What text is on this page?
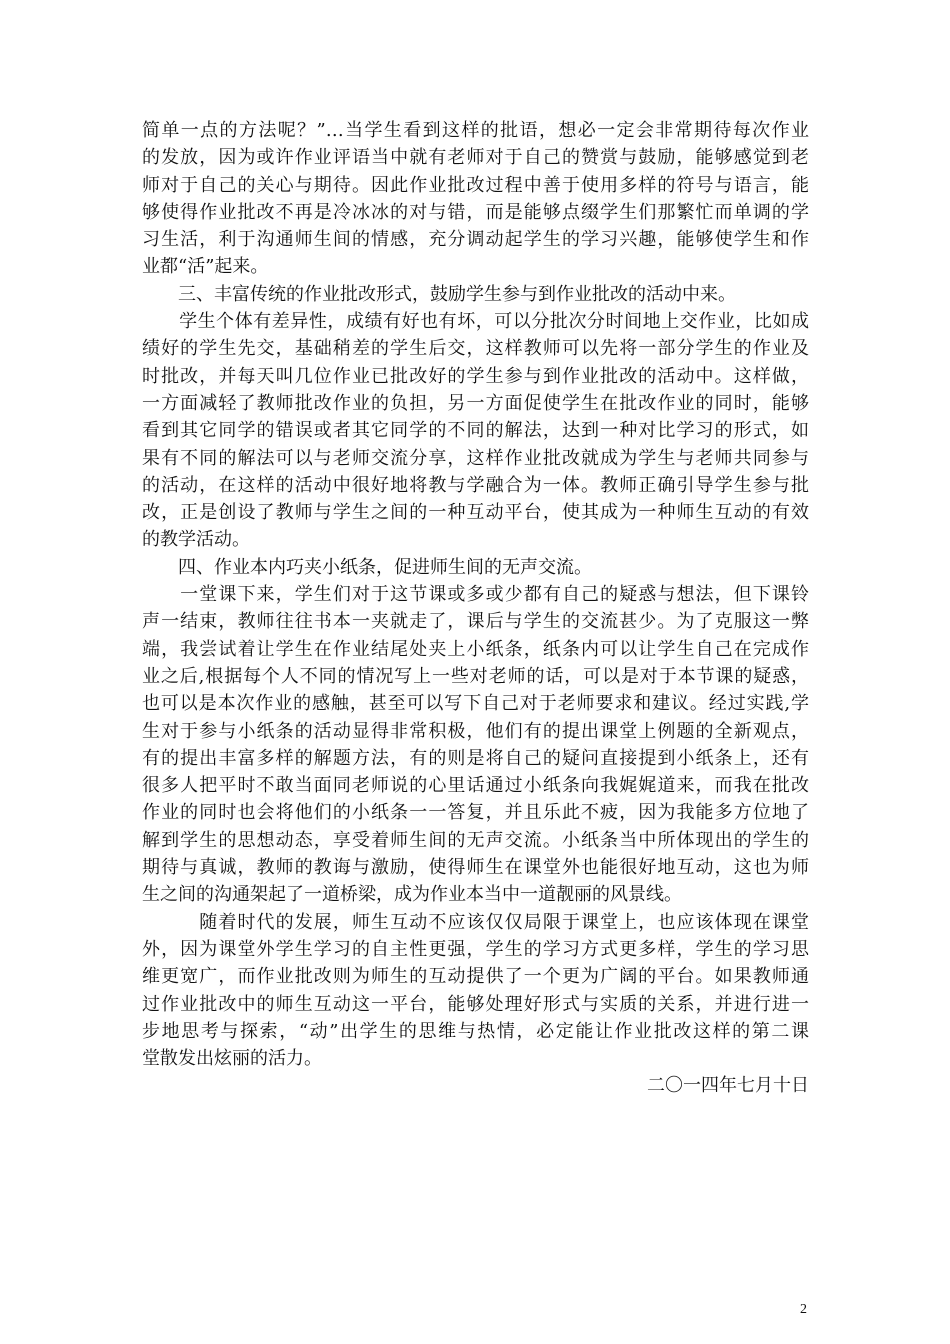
简单一点的方法呢？”…当学生看到这样的批语，想必一定会非常期待每次作业
的发放，因为或许作业评语当中就有老师对于自己的赞赏与鼓励，能够感觉到老
师对于自己的关心与期待。因此作业批改过程中善于使用多样的符号与语言，能
够使得作业批改不再是冷冰冰的对与错，而是能够点缀学生们那繁忙而单调的学
习生活，利于沟通师生间的情感，充分调动起学生的学习兴趣，能够使学生和作
业都“活”起来。
　　三、丰富传统的作业批改形式，鼓励学生参与到作业批改的活动中来。
　　学生个体有差异性，成绩有好也有坏，可以分批次分时间地上交作业，比如成
绩好的学生先交，基础稍差的学生后交，这样教师可以先将一部分学生的作业及
时批改，并每天叫几位作业已批改好的学生参与到作业批改的活动中。这样做，
一方面减轻了教师批改作业的负担，另一方面促使学生在批改作业的同时，能够
看到其它同学的错误或者其它同学的不同的解法，达到一种对比学习的形式，如
果有不同的解法可以与老师交流分享，这样作业批改就成为学生与老师共同参与
的活动，在这样的活动中很好地将教与学融合为一体。教师正确引导学生参与批
改，正是创设了教师与学生之间的一种互动平台，使其成为一种师生互动的有效
的教学活动。
　　四、作业本内巧夹小纸条，促进师生间的无声交流。
　　一堂课下来，学生们对于这节课或多或少都有自己的疑惑与想法，但下课铃
声一结束，教师往往书本一夹就走了，课后与学生的交流甚少。为了克服这一弊
端，我尝试着让学生在作业结尾处夹上小纸条，纸条内可以让学生自己在完成作
业之后,根据每个人不同的情况写上一些对老师的话，可以是对于本节课的疑惑，
也可以是本次作业的感触，甚至可以写下自己对于老师要求和建议。经过实践,学
生对于参与小纸条的活动显得非常积极，他们有的提出课堂上例题的全新观点，
有的提出丰富多样的解题方法，有的则是将自己的疑问直接提到小纸条上，还有
很多人把平时不敢当面同老师说的心里话通过小纸条向我娓娓道来，而我在批改
作业的同时也会将他们的小纸条一一答复，并且乐此不疲，因为我能多方位地了
解到学生的思想动态，享受着师生间的无声交流。小纸条当中所体现出的学生的
期待与真诚，教师的教诲与激励，使得师生在课堂外也能很好地互动，这也为师
生之间的沟通架起了一道桥梁，成为作业本当中一道靓丽的风景线。
　　　随着时代的发展，师生互动不应该仅仅局限于课堂上，也应该体现在课堂
外，因为课堂外学生学习的自主性更强，学生的学习方式更多样，学生的学习思
维更宽广，而作业批改则为师生的互动提供了一个更为广阔的平台。如果教师通
过作业批改中的师生互动这一平台，能够处理好形式与实质的关系，并进行进一
步地思考与探索，“动”出学生的思维与热情，必定能让作业批改这样的第二课
堂散发出炫丽的活力。
二〇一四年七月十日
2
